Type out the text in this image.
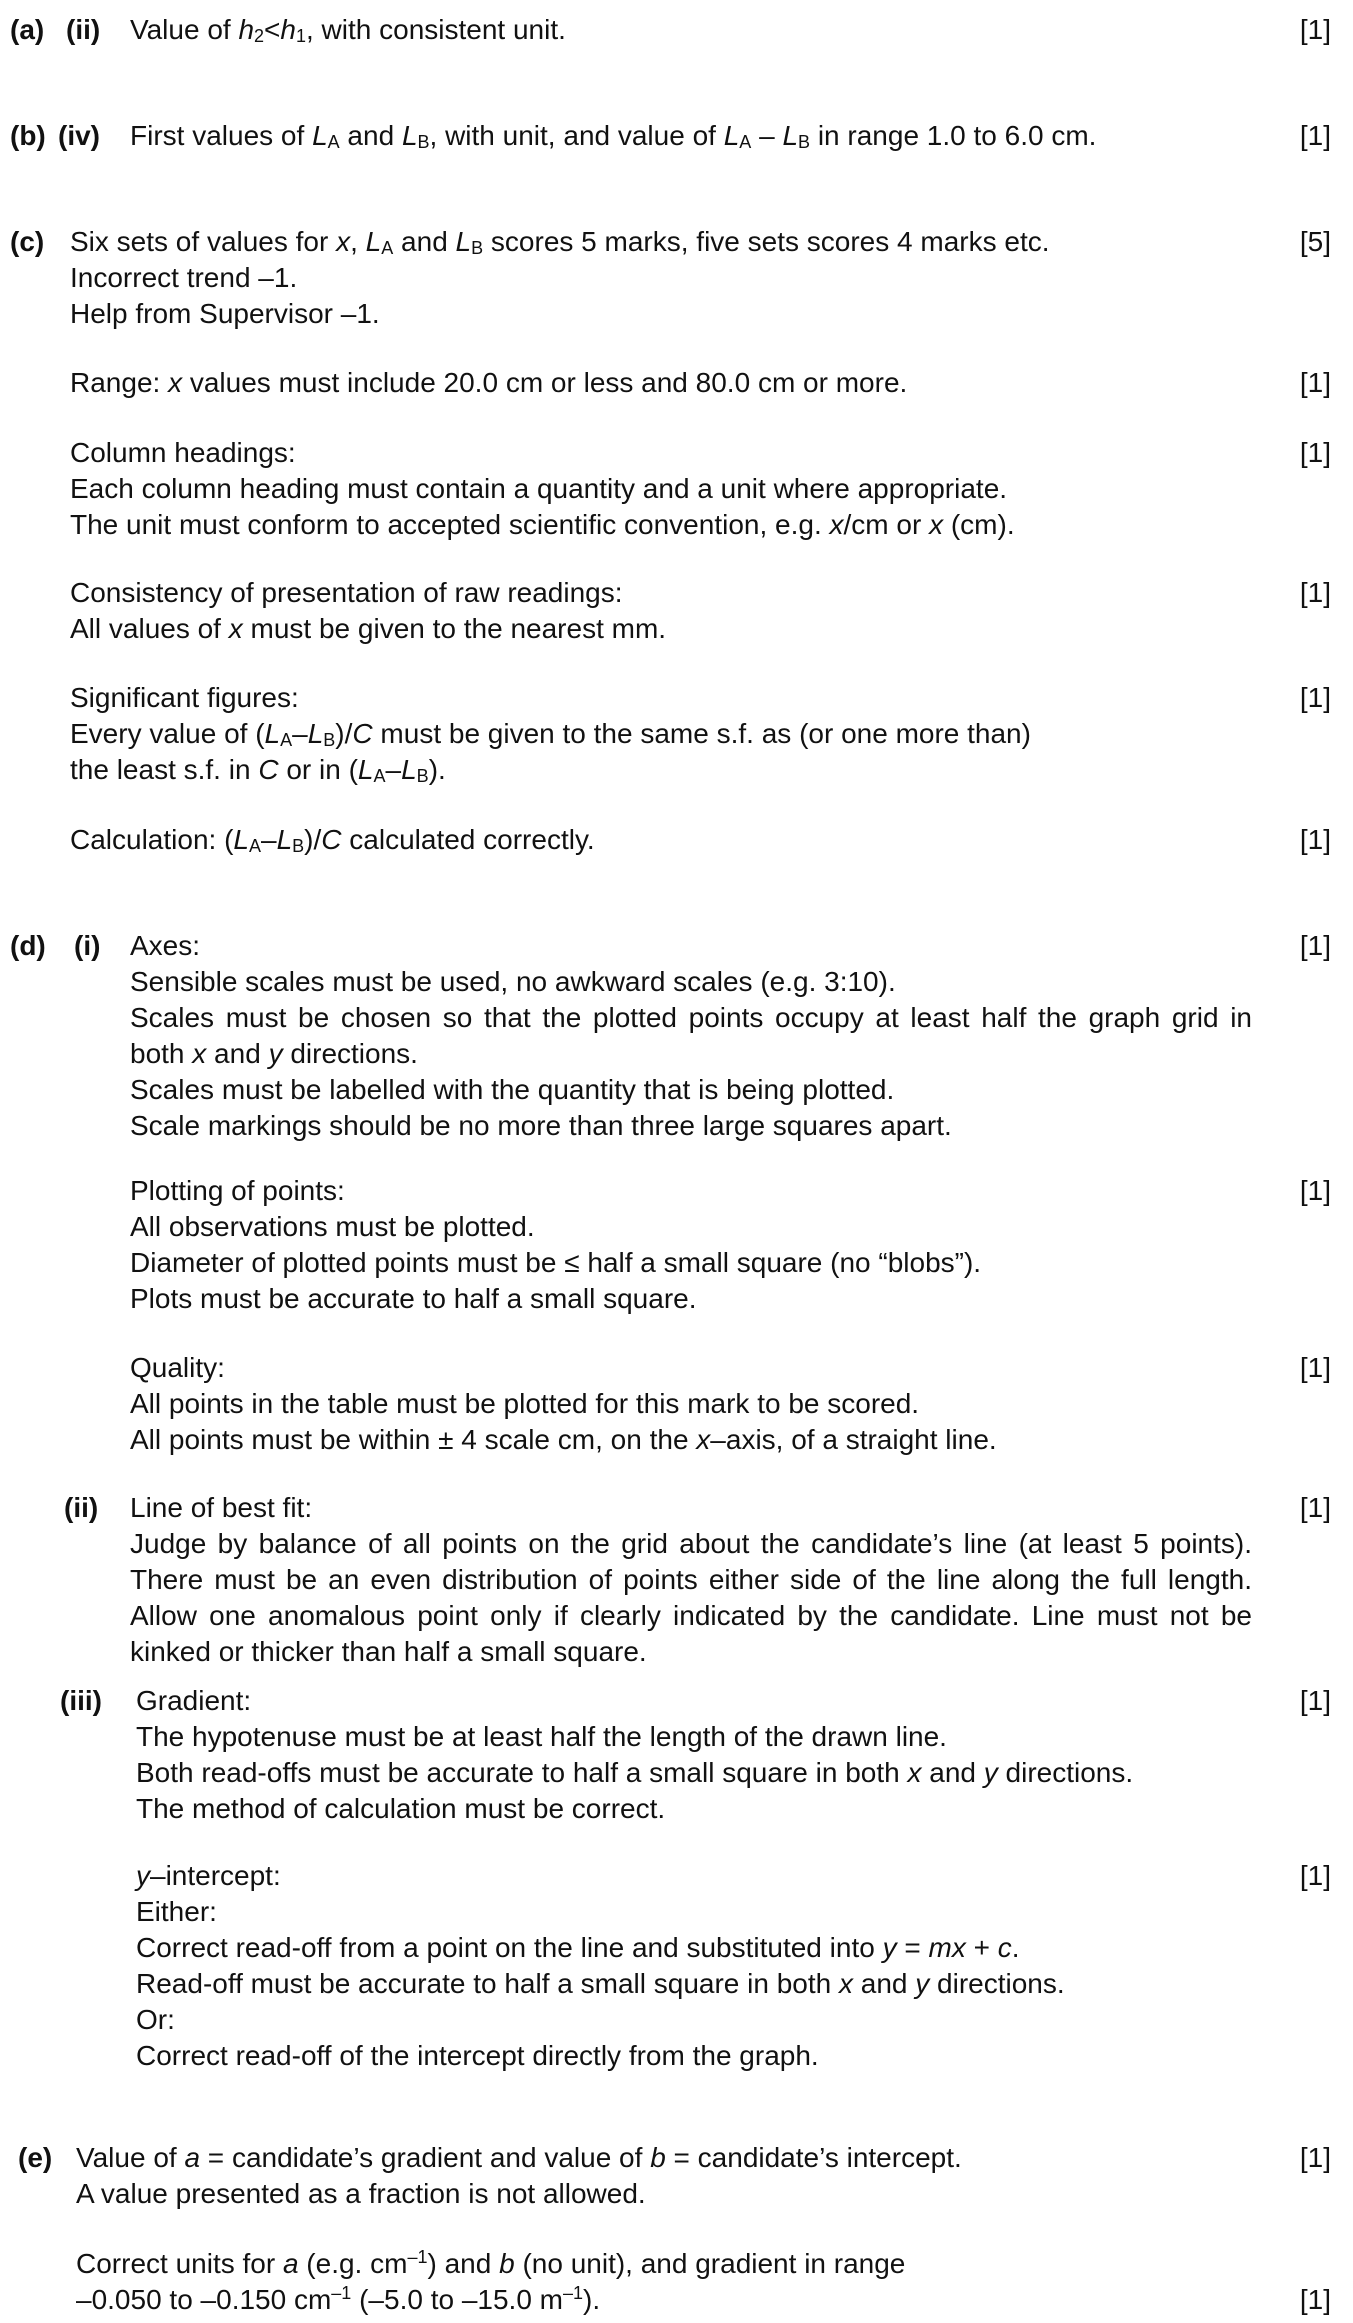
(a) (ii) Value of $h_2<h_1$, with consistent unit.	[1]
(b) (iv) First values of $L_A$ and $L_B$, with unit, and value of $L_A - L_B$ in range 1.0 to 6.0 cm.	[1]
(c) Six sets of values for x, $L_A$ and $L_B$ scores 5 marks, five sets scores 4 marks etc.
Incorrect trend –1.
Help from Supervisor –1.
[5]
Range: x values must include 20.0 cm or less and 80.0 cm or more.	[1]
Column headings:
Each column heading must contain a quantity and a unit where appropriate.
The unit must conform to accepted scientific convention, e.g. x/cm or x (cm).
[1]
Consistency of presentation of raw readings:
All values of x must be given to the nearest mm.
[1]
Significant figures:
Every value of $(L_A-L_B)/C$ must be given to the same s.f. as (or one more than)
the least s.f. in C or in $(L_A-L_B)$.
[1]
Calculation: $(L_A-L_B)/C$ calculated correctly.	[1]
(d) (i) Axes:
Sensible scales must be used, no awkward scales (e.g. 3:10).
Scales must be chosen so that the plotted points occupy at least half the graph grid in both x and y directions.
Scales must be labelled with the quantity that is being plotted.
Scale markings should be no more than three large squares apart.
[1]
Plotting of points:
All observations must be plotted.
Diameter of plotted points must be ≤ half a small square (no “blobs”).
Plots must be accurate to half a small square.
[1]
Quality:
All points in the table must be plotted for this mark to be scored.
All points must be within ± 4 scale cm, on the x–axis, of a straight line.
[1]
(ii) Line of best fit:
Judge by balance of all points on the grid about the candidate’s line (at least 5 points). There must be an even distribution of points either side of the line along the full length. Allow one anomalous point only if clearly indicated by the candidate. Line must not be kinked or thicker than half a small square.
[1]
(iii) Gradient:
The hypotenuse must be at least half the length of the drawn line.
Both read-offs must be accurate to half a small square in both x and y directions.
The method of calculation must be correct.
[1]
y–intercept:
Either:
Correct read-off from a point on the line and substituted into y = mx + c.
Read-off must be accurate to half a small square in both x and y directions.
Or:
Correct read-off of the intercept directly from the graph.
[1]
(e) Value of a = candidate’s gradient and value of b = candidate’s intercept.
A value presented as a fraction is not allowed.
[1]
Correct units for a (e.g. $cm^{-1}$) and b (no unit), and gradient in range
–0.050 to –0.150 $cm^{-1}$ (–5.0 to –15.0 $m^{-1}$).	[1]
